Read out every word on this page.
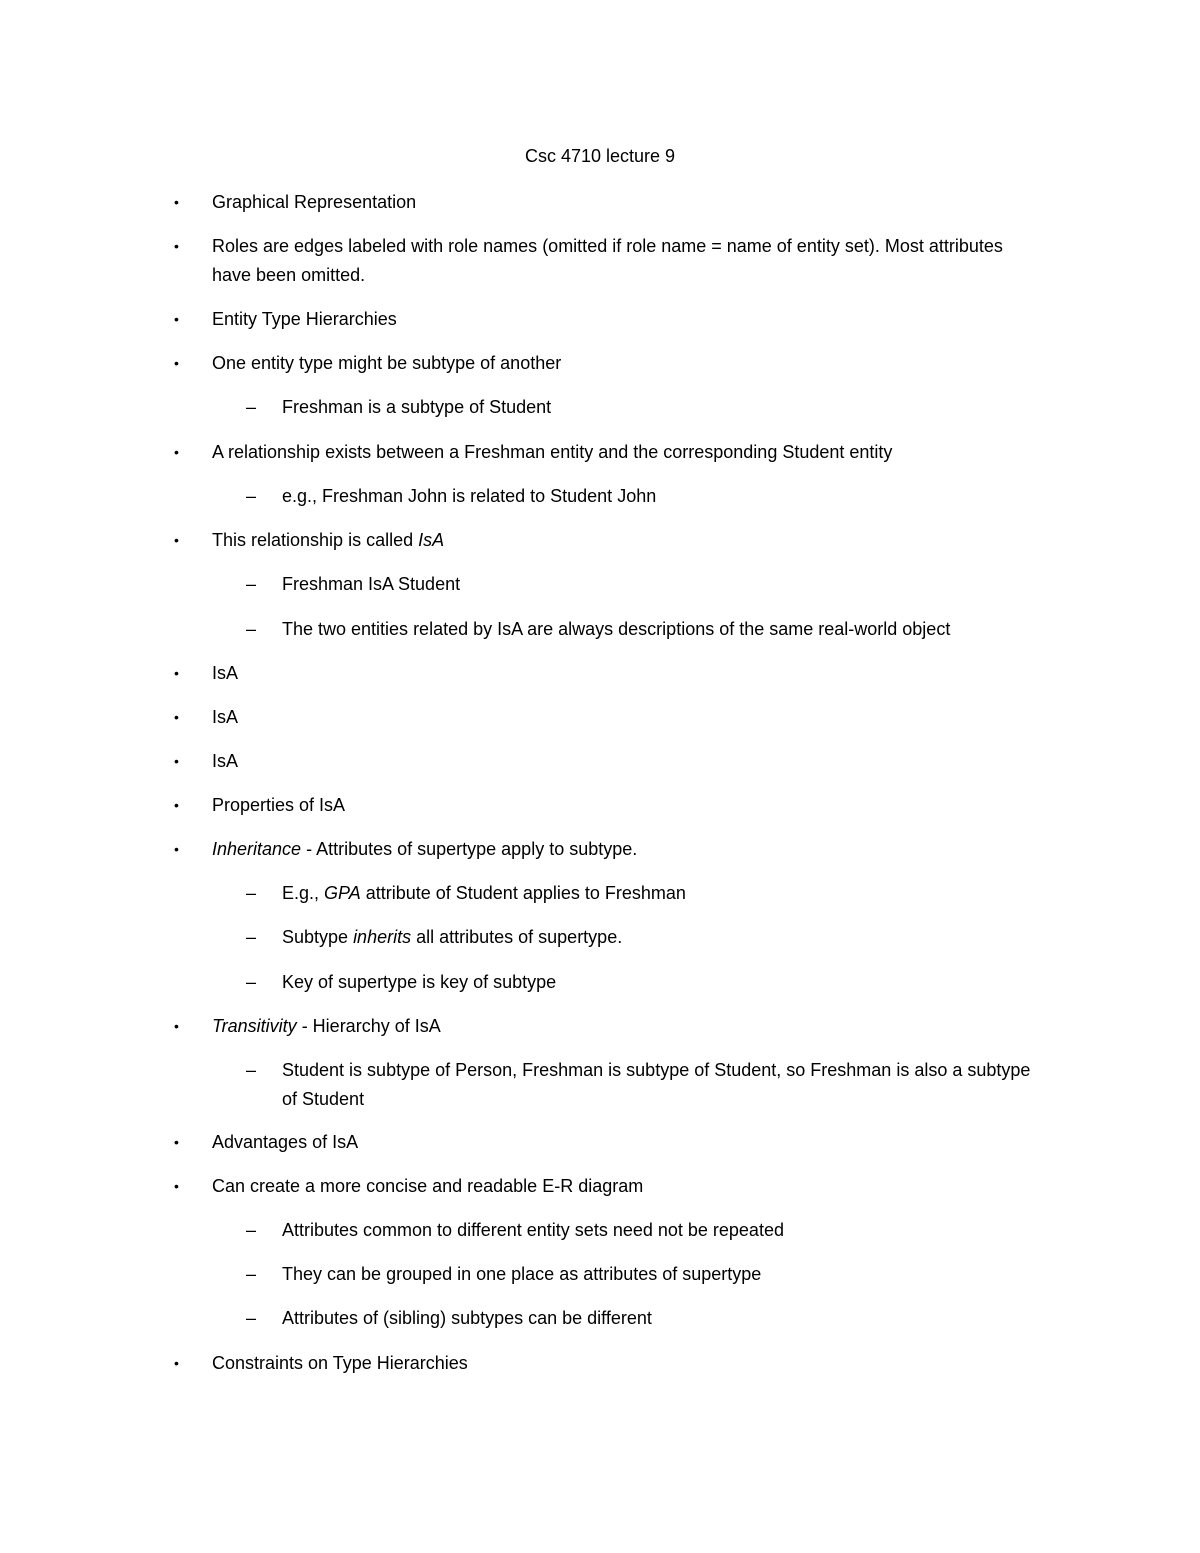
Csc 4710 lecture 9
• Graphical Representation
• Roles are edges labeled with role names (omitted if role name = name of entity set). Most attributes have been omitted.
• Entity Type Hierarchies
• One entity type might be subtype of another
– Freshman is a subtype of Student
• A relationship exists between a Freshman entity and the corresponding Student entity
– e.g., Freshman John is related to Student John
• This relationship is called IsA
– Freshman IsA Student
– The two entities related by IsA are always descriptions of the same real-world object
• IsA
• IsA
• IsA
• Properties of IsA
• Inheritance - Attributes of supertype apply to subtype.
– E.g., GPA attribute of Student applies to Freshman
– Subtype inherits all attributes of supertype.
– Key of supertype is key of subtype
• Transitivity - Hierarchy of IsA
– Student is subtype of Person, Freshman is subtype of Student, so Freshman is also a subtype of Student
• Advantages of IsA
• Can create a more concise and readable E-R diagram
– Attributes common to different entity sets need not be repeated
– They can be grouped in one place as attributes of supertype
– Attributes of (sibling) subtypes can be different
• Constraints on Type Hierarchies
